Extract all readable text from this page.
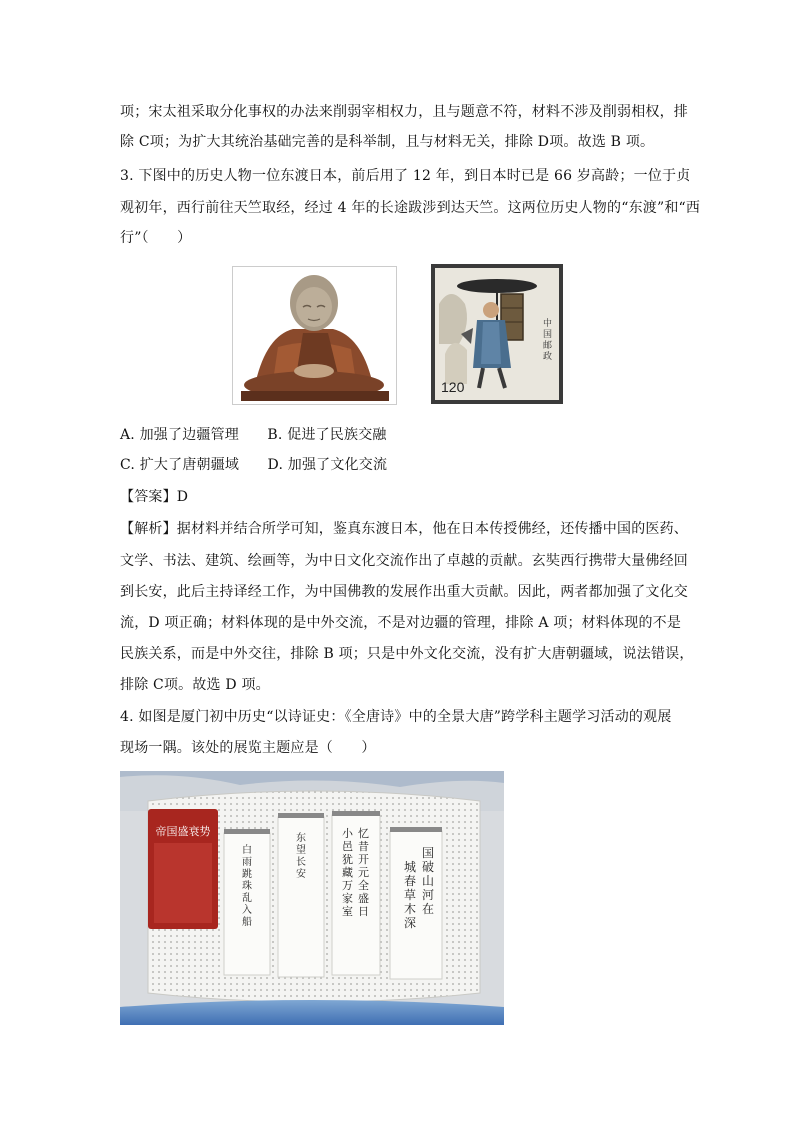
项；宋太祖采取分化事权的办法来削弱宰相权力，且与题意不符，材料不涉及削弱相权，排
除 C项；为扩大其统治基础完善的是科举制，且与材料无关，排除 D项。故选 B 项。
3. 下图中的历史人物一位东渡日本，前后用了 12 年，到日本时已是 66 岁高龄；一位于贞
观初年，西行前往天竺取经，经过 4 年的长途跋涉到达天竺。这两位历史人物的“东渡”和“西
行”（　　）
中国邮政
120
A. 加强了边疆管理　　B. 促进了民族交融
C. 扩大了唐朝疆域　　D. 加强了文化交流
【答案】D
【解析】据材料并结合所学可知，鉴真东渡日本，他在日本传授佛经，还传播中国的医药、
文学、书法、建筑、绘画等，为中日文化交流作出了卓越的贡献。玄奘西行携带大量佛经回
到长安，此后主持译经工作，为中国佛教的发展作出重大贡献。因此，两者都加强了文化交
流，D 项正确；材料体现的是中外交流，不是对边疆的管理，排除 A 项；材料体现的不是
民族关系，而是中外交往，排除 B 项；只是中外文化交流，没有扩大唐朝疆域，说法错误，
排除 C项。故选 D 项。
4. 如图是厦门初中历史“以诗证史：《全唐诗》中的全景大唐”跨学科主题学习活动的观展
现场一隅。该处的展览主题应是（　　）
帝国盛衰势
白雨跳珠乱入船
东望长安
忆昔开元全盛日
小邑犹藏万家室
国破山河在
城春草木深
